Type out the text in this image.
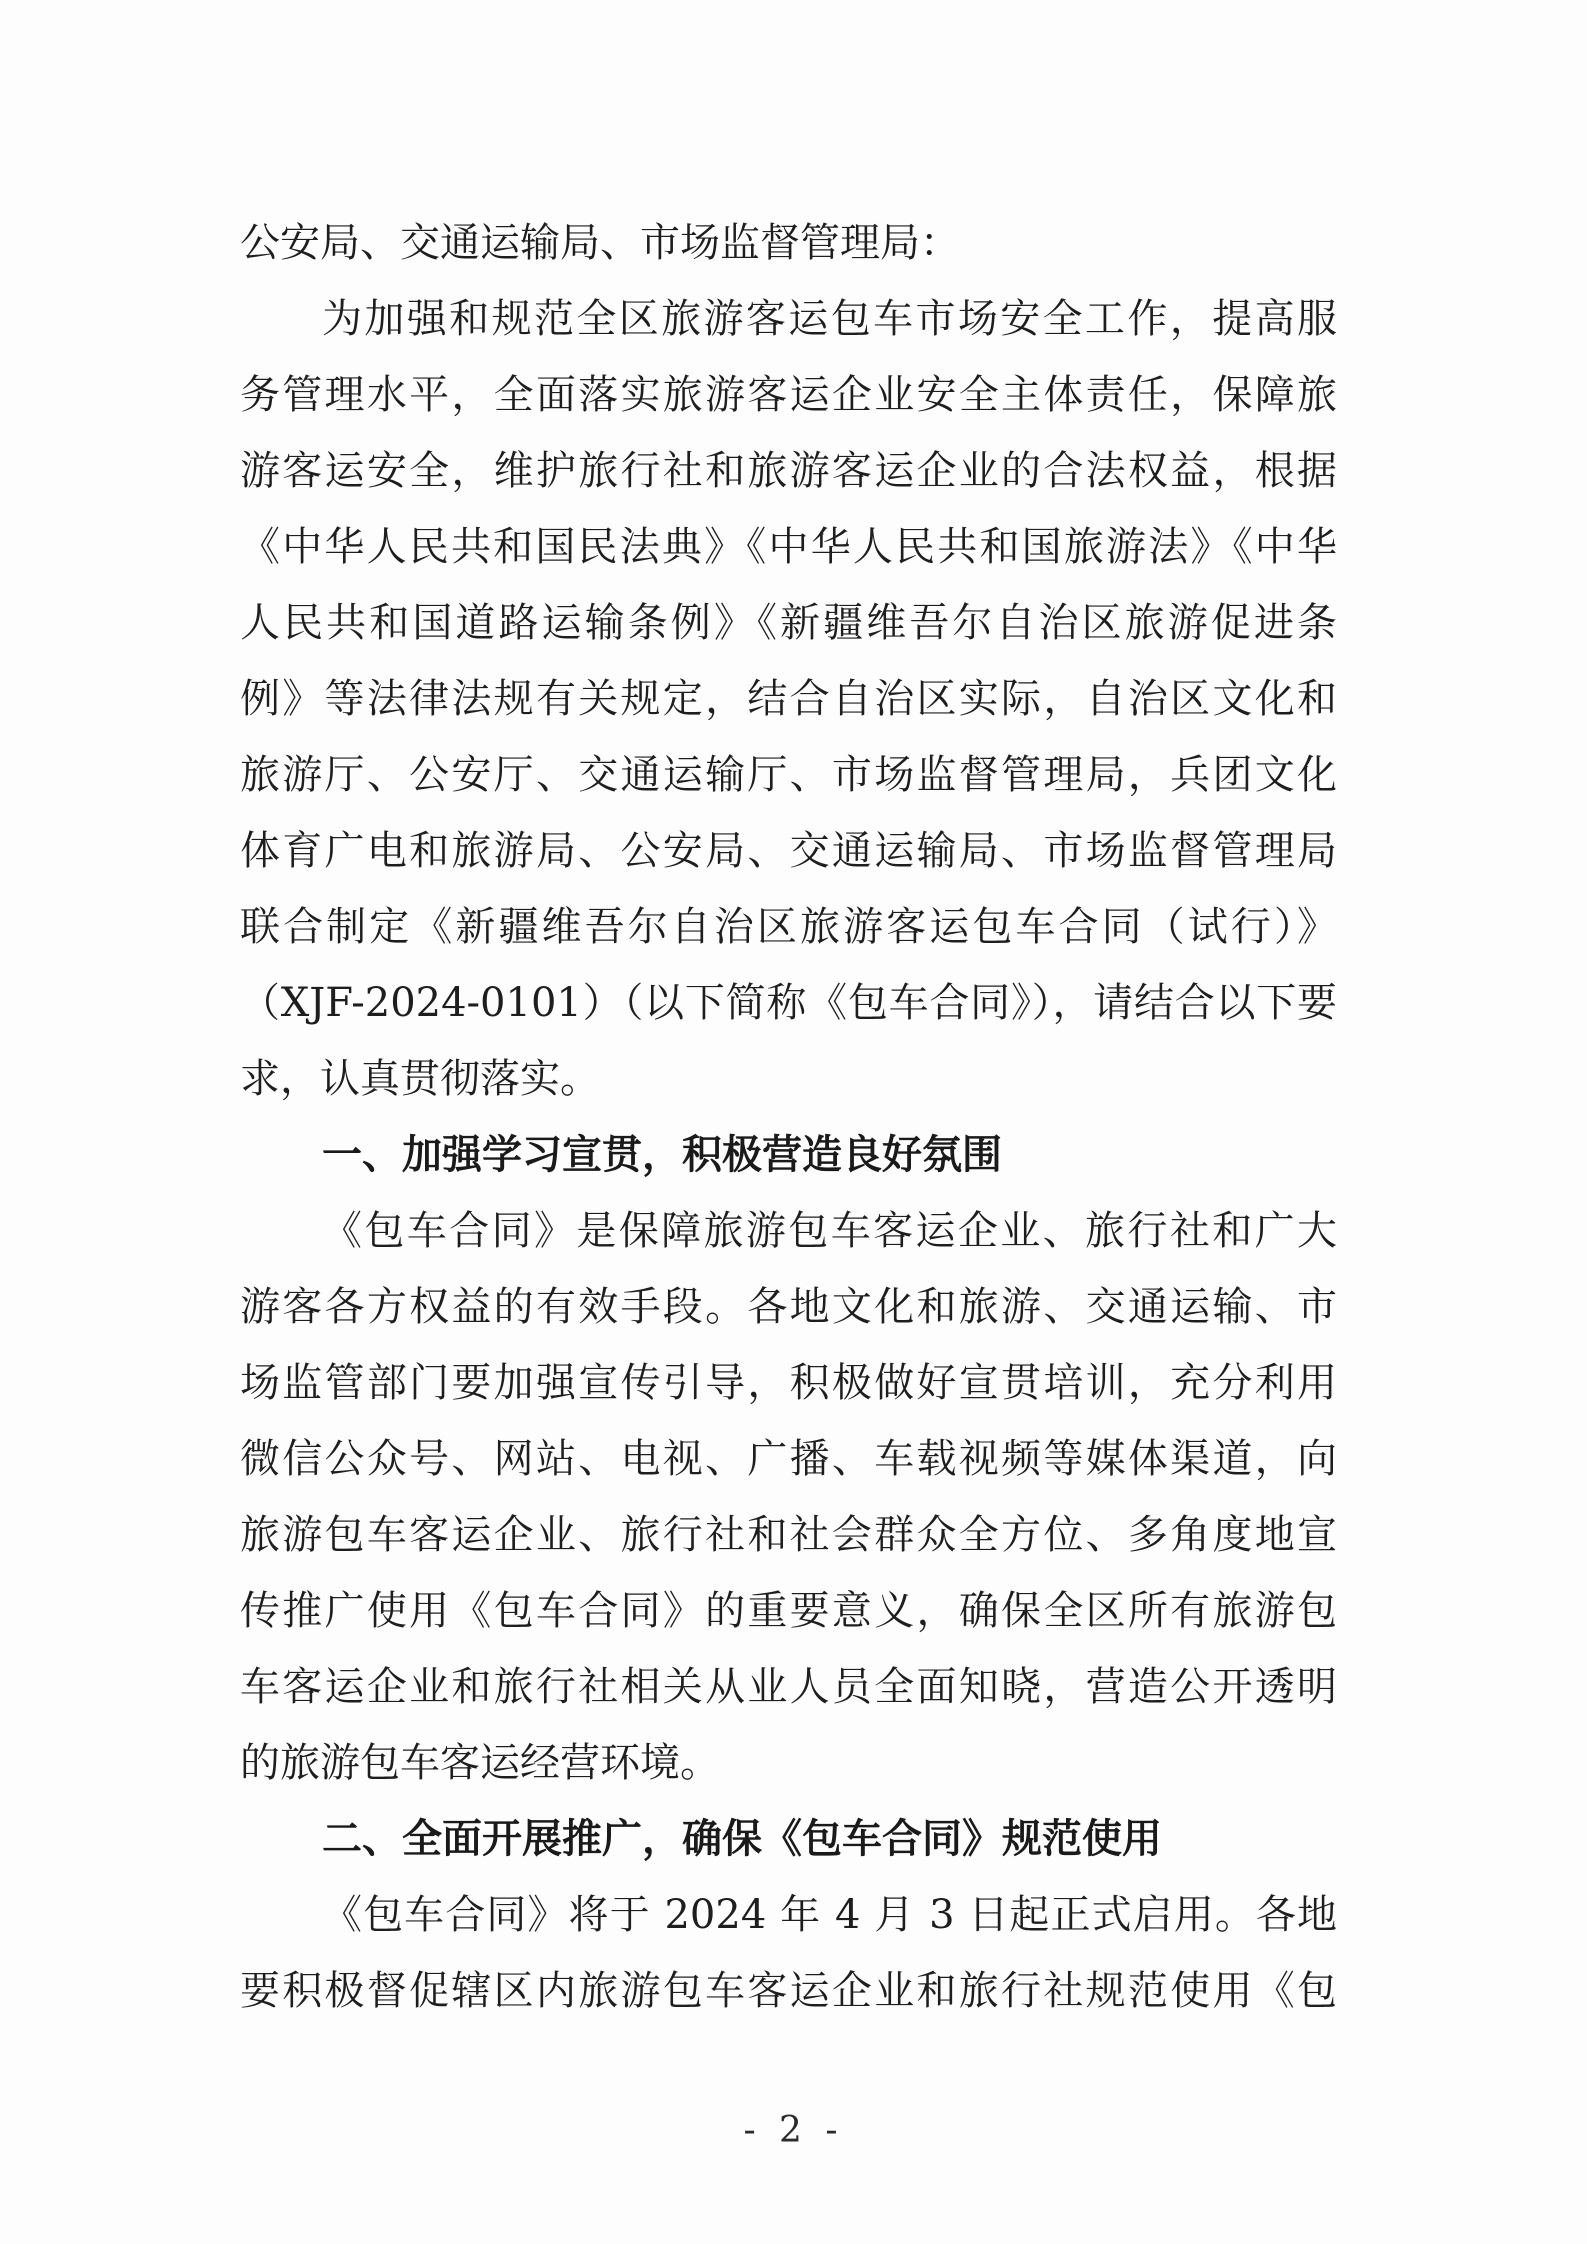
公安局、交通运输局、市场监督管理局：
为加强和规范全区旅游客运包车市场安全工作，提高服
务管理水平，全面落实旅游客运企业安全主体责任，保障旅
游客运安全，维护旅行社和旅游客运企业的合法权益，根据
《中华人民共和国民法典》《中华人民共和国旅游法》《中华
人民共和国道路运输条例》《新疆维吾尔自治区旅游促进条
例》等法律法规有关规定，结合自治区实际，自治区文化和
旅游厅、公安厅、交通运输厅、市场监督管理局，兵团文化
体育广电和旅游局、公安局、交通运输局、市场监督管理局
联合制定《新疆维吾尔自治区旅游客运包车合同（试行）》
（XJF-2024-0101）（以下简称《包车合同》），请结合以下要
求，认真贯彻落实。
一、加强学习宣贯，积极营造良好氛围
《包车合同》是保障旅游包车客运企业、旅行社和广大
游客各方权益的有效手段。各地文化和旅游、交通运输、市
场监管部门要加强宣传引导，积极做好宣贯培训，充分利用
微信公众号、网站、电视、广播、车载视频等媒体渠道，向
旅游包车客运企业、旅行社和社会群众全方位、多角度地宣
传推广使用《包车合同》的重要意义，确保全区所有旅游包
车客运企业和旅行社相关从业人员全面知晓，营造公开透明
的旅游包车客运经营环境。
二、全面开展推广，确保《包车合同》规范使用
《包车合同》将于 2024 年 4 月 3 日起正式启用。各地
要积极督促辖区内旅游包车客运企业和旅行社规范使用《包
- 2 -
